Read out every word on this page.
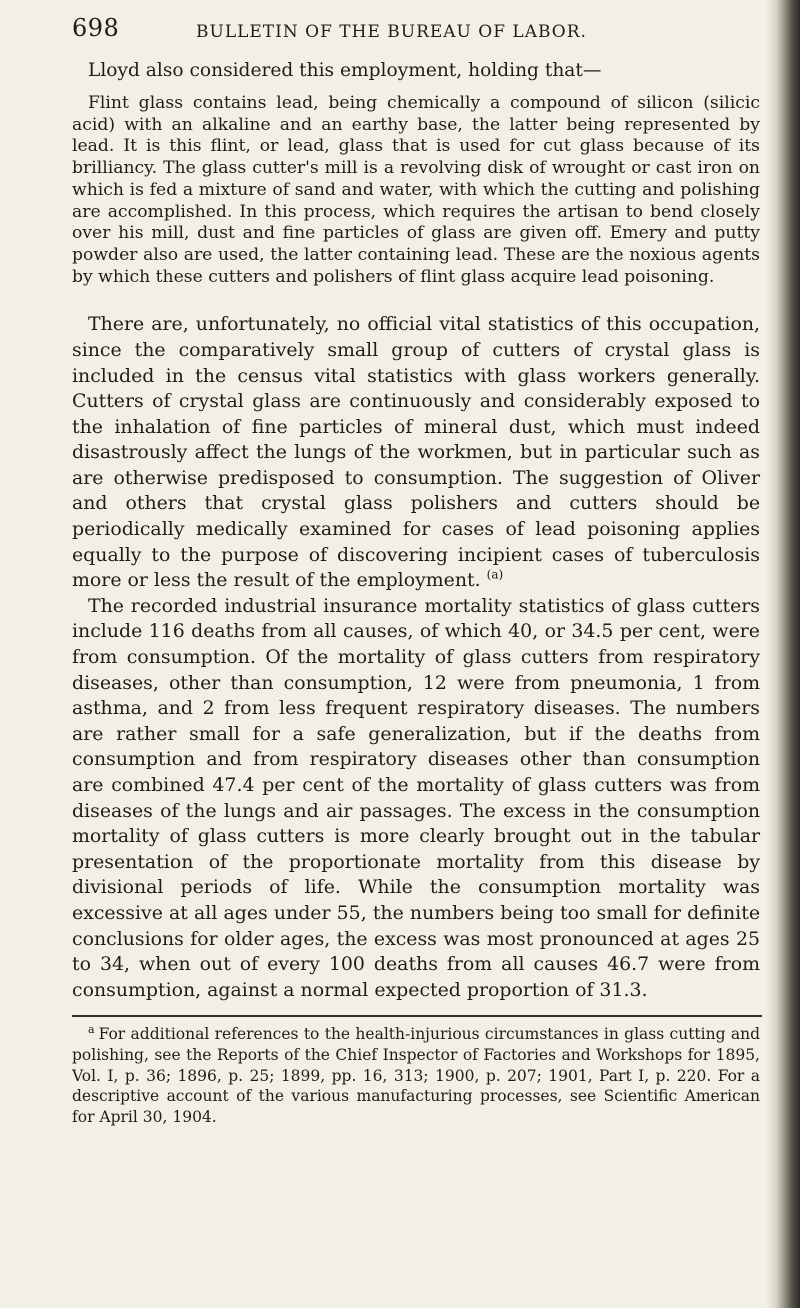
698	BULLETIN OF THE BUREAU OF LABOR.

Lloyd also considered this employment, holding that—

Flint glass contains lead, being chemically a compound of silicon (silicic acid) with an alkaline and an earthy base, the latter being represented by lead. It is this flint, or lead, glass that is used for cut glass because of its brilliancy. The glass cutter's mill is a revolving disk of wrought or cast iron on which is fed a mixture of sand and water, with which the cutting and polishing are accomplished. In this process, which requires the artisan to bend closely over his mill, dust and fine particles of glass are given off. Emery and putty powder also are used, the latter containing lead. These are the noxious agents by which these cutters and polishers of flint glass acquire lead poisoning.

There are, unfortunately, no official vital statistics of this occupation, since the comparatively small group of cutters of crystal glass is included in the census vital statistics with glass workers generally. Cutters of crystal glass are continuously and considerably exposed to the inhalation of fine particles of mineral dust, which must indeed disastrously affect the lungs of the workmen, but in particular such as are otherwise predisposed to consumption. The suggestion of Oliver and others that crystal glass polishers and cutters should be periodically medically examined for cases of lead poisoning applies equally to the purpose of discovering incipient cases of tuberculosis more or less the result of the employment. $^{(a)}$

The recorded industrial insurance mortality statistics of glass cutters include 116 deaths from all causes, of which 40, or 34.5 per cent, were from consumption. Of the mortality of glass cutters from respiratory diseases, other than consumption, 12 were from pneumonia, 1 from asthma, and 2 from less frequent respiratory diseases. The numbers are rather small for a safe generalization, but if the deaths from consumption and from respiratory diseases other than consumption are combined 47.4 per cent of the mortality of glass cutters was from diseases of the lungs and air passages. The excess in the consumption mortality of glass cutters is more clearly brought out in the tabular presentation of the proportionate mortality from this disease by divisional periods of life. While the consumption mortality was excessive at all ages under 55, the numbers being too small for definite conclusions for older ages, the excess was most pronounced at ages 25 to 34, when out of every 100 deaths from all causes 46.7 were from consumption, against a normal expected proportion of 31.3.

$^a$ For additional references to the health-injurious circumstances in glass cutting and polishing, see the Reports of the Chief Inspector of Factories and Workshops for 1895, Vol. I, p. 36; 1896, p. 25; 1899, pp. 16, 313; 1900, p. 207; 1901, Part I, p. 220. For a descriptive account of the various manufacturing processes, see Scientific American for April 30, 1904.
